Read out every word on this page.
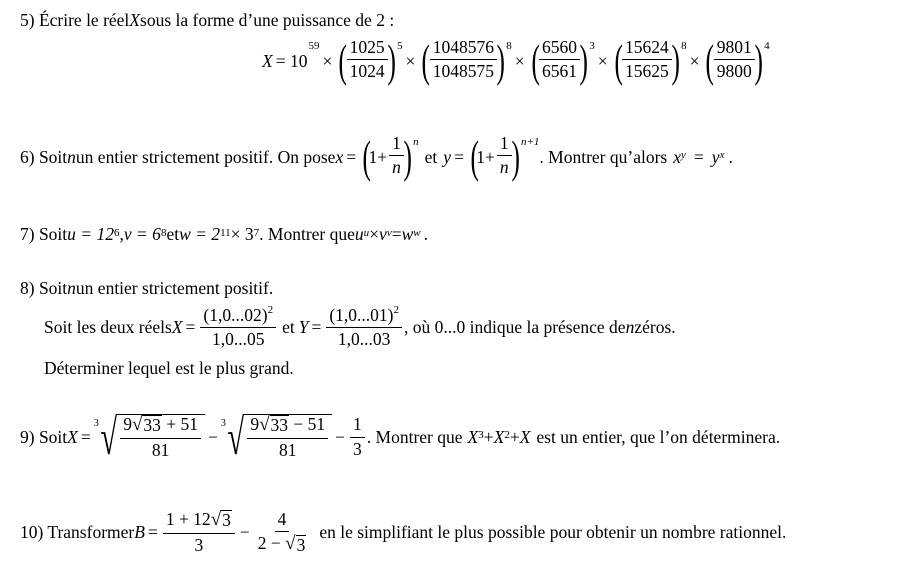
5) Écrire le réel X sous la forme d’une puissance de 2 :
X = 10
59
× ( $\frac{1025}{1024}$ ) 5
× ( $\frac{1048576}{1048575}$ ) 8
× ( $\frac{6560}{6561}$ ) 3
× ( $\frac{15624}{15625}$ ) 8
× ( $\frac{9801}{9800}$ ) 4
6) Soit n un entier strictement positif. On pose x = (
$1+ \frac{1}{n}$ ) n
et y = (
$1+ \frac{1}{n}$ ) n+1
. Montrer qu’alors $x^y = y^x$ .
7) Soit $u = 12^6$ , $v = 6^8$ et $w = 2^{11} \times 3^7$ . Montrer que $u^u \times v^v = w^w$ .
8) Soit n un entier strictement positif.
Soit les deux réels $X = \frac{(1,0...02)^2}{1,0...05}$ et $Y = \frac{(1,0...01)^2}{1,0...03}$ , où 0...0 indique la présence de n zéros.
Déterminer lequel est le plus grand.
9) Soit X =
3 √ $\frac{9 √ 33 + 51}{81}$ −
3 √ $\frac{9 √ 33 - 51}{81} - \frac{1}{3}$ . Montrer que $X^3 + X^2 + X$ est un entier, que l’on déterminera.
10) Transformer $B = \frac{1 + 12 √ 3}{3} - \frac{4}{2 - √ 3}$ en le simplifiant le plus possible pour obtenir un nombre rationnel.
